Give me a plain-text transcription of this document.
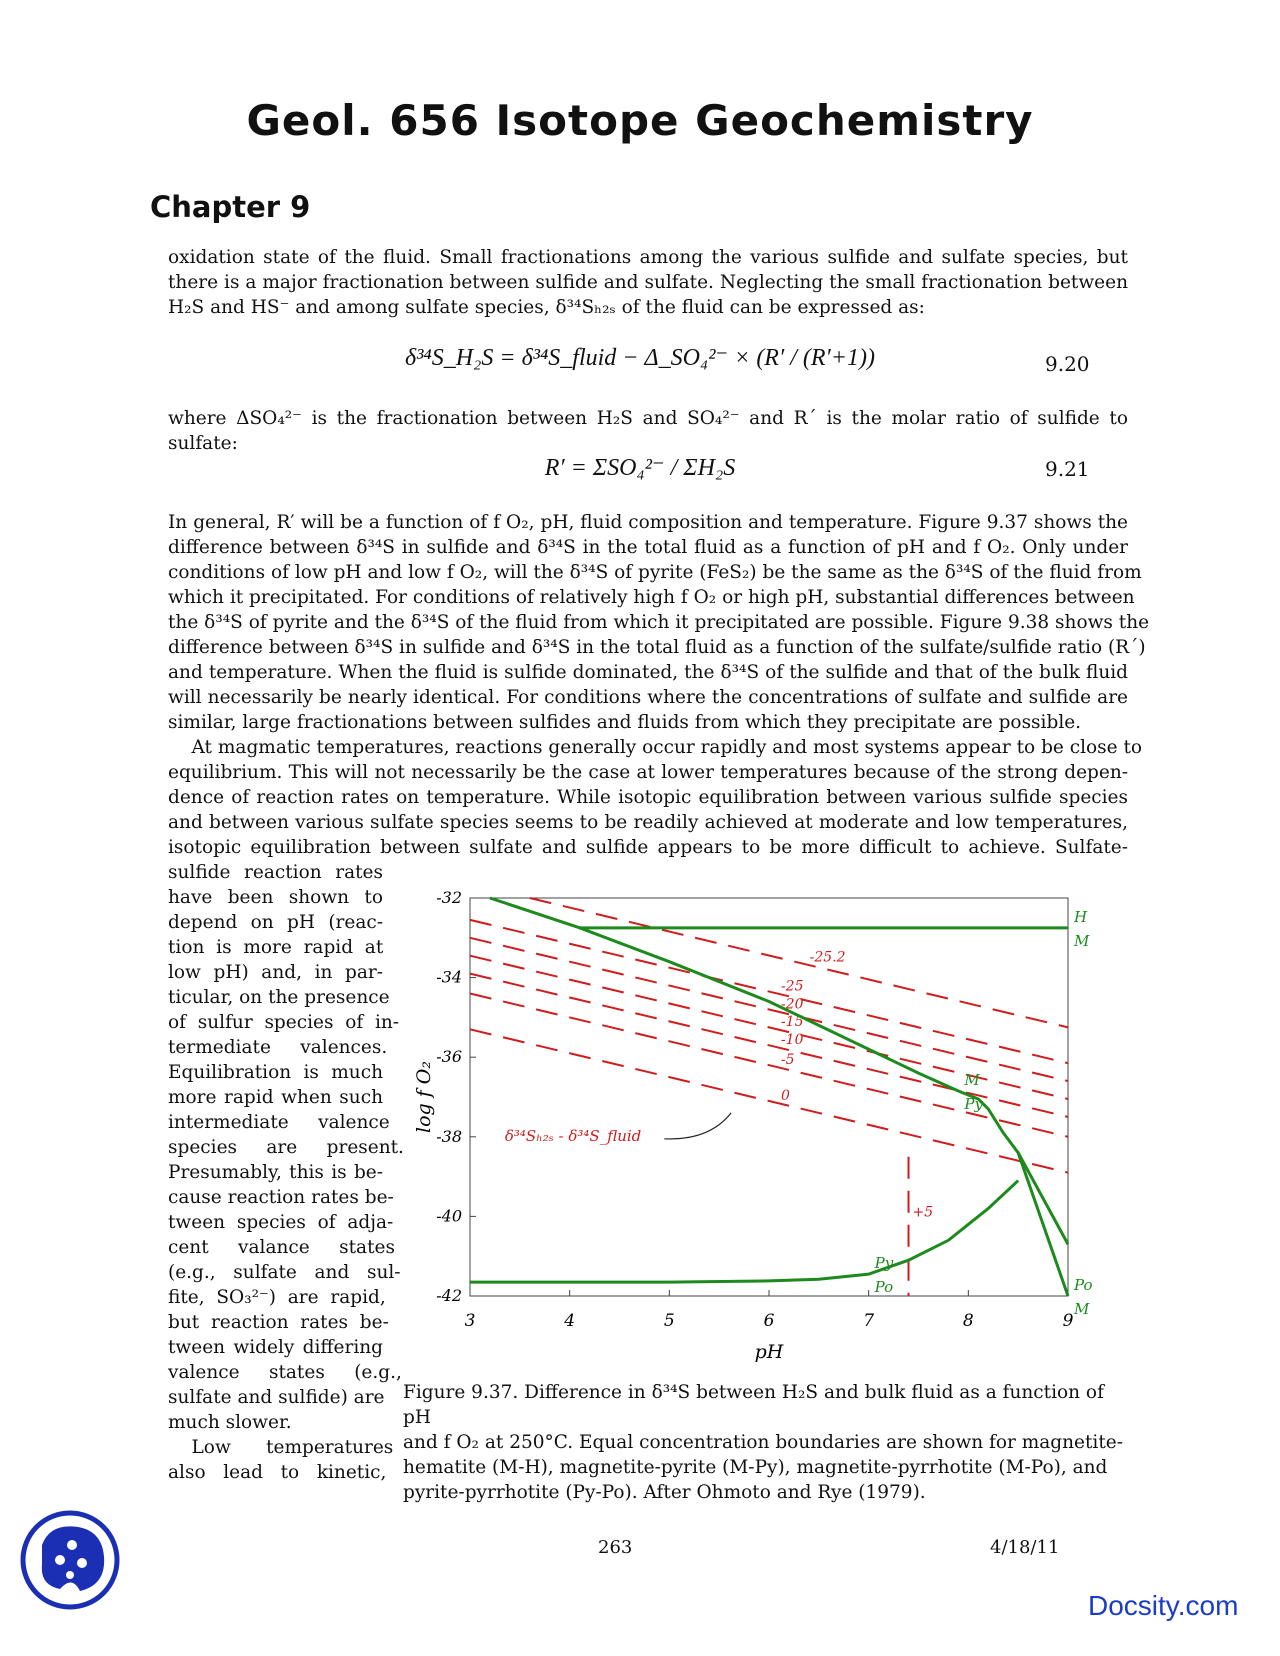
Geol. 656 Isotope Geochemistry
Chapter 9
oxidation state of the fluid. Small fractionations among the various sulfide and sulfate species, but
there is a major fractionation between sulfide and sulfate. Neglecting the small fractionation between
H₂S and HS⁻ and among sulfate species, δ³⁴Sₕ₂ₛ of the fluid can be expressed as:
δ³⁴S_H₂S = δ³⁴S_fluid − Δ_SO₄²⁻ × (R′ / (R′+1))	9.20
where ΔSO₄²⁻ is the fractionation between H₂S and SO₄²⁻ and R´ is the molar ratio of sulfide to sulfate:
R′ = ΣSO₄²⁻ / ΣH₂S	9.21
In general, R′ will be a function of f O₂, pH, fluid composition and temperature. Figure 9.37 shows the
difference between δ³⁴S in sulfide and δ³⁴S in the total fluid as a function of pH and f O₂. Only under
conditions of low pH and low f O₂, will the δ³⁴S of pyrite (FeS₂) be the same as the δ³⁴S of the fluid from
which it precipitated. For conditions of relatively high f O₂ or high pH, substantial differences between
the δ³⁴S of pyrite and the δ³⁴S of the fluid from which it precipitated are possible. Figure 9.38 shows the
difference between δ³⁴S in sulfide and δ³⁴S in the total fluid as a function of the sulfate/sulfide ratio (R´)
and temperature. When the fluid is sulfide dominated, the δ³⁴S of the sulfide and that of the bulk fluid
will necessarily be nearly identical. For conditions where the concentrations of sulfate and sulfide are
similar, large fractionations between sulfides and fluids from which they precipitate are possible.
At magmatic temperatures, reactions generally occur rapidly and most systems appear to be close to
equilibrium. This will not necessarily be the case at lower temperatures because of the strong depen-
dence of reaction rates on temperature. While isotopic equilibration between various sulfide species
and between various sulfate species seems to be readily achieved at moderate and low temperatures,
isotopic equilibration between sulfate and sulfide appears to be more difficult to achieve. Sulfate-
sulfide  reaction  rates
have  been  shown  to
depend  on  pH  (reac-
tion  is  more  rapid  at
low  pH)  and,  in  par-
ticular, on the presence
of  sulfur  species  of  in-
termediate     valences.
Equilibration  is  much
more rapid when such
intermediate     valence
species     are     present.
Presumably, this is be-
cause reaction rates be-
tween  species  of  adja-
cent     valance     states
(e.g.,   sulfate   and   sul-
fite,  SO₃²⁻)  are  rapid,
but  reaction  rates  be-
tween widely differing
valence     states     (e.g.,
sulfate and sulfide) are
much slower.
Low      temperatures
also   lead   to   kinetic,
3	4	5	6	7	8	9
-32
-34
-36
-38
-40
-42
pH
log f O₂
+5
0
-5
-10
-15
-20
-25
-25.2
H
M
M
Py
Py
Po	Po
M
δ³⁴Sₕ₂ₛ - δ³⁴S_fluid
Figure 9.37. Difference in δ³⁴S between H₂S and bulk fluid as a function of pH
and f O₂ at 250°C. Equal concentration boundaries are shown for magnetite-
hematite (M-H), magnetite-pyrite (M-Py), magnetite-pyrrhotite (M-Po), and
pyrite-pyrrhotite (Py-Po). After Ohmoto and Rye (1979).
263	4/18/11
Docsity.com
